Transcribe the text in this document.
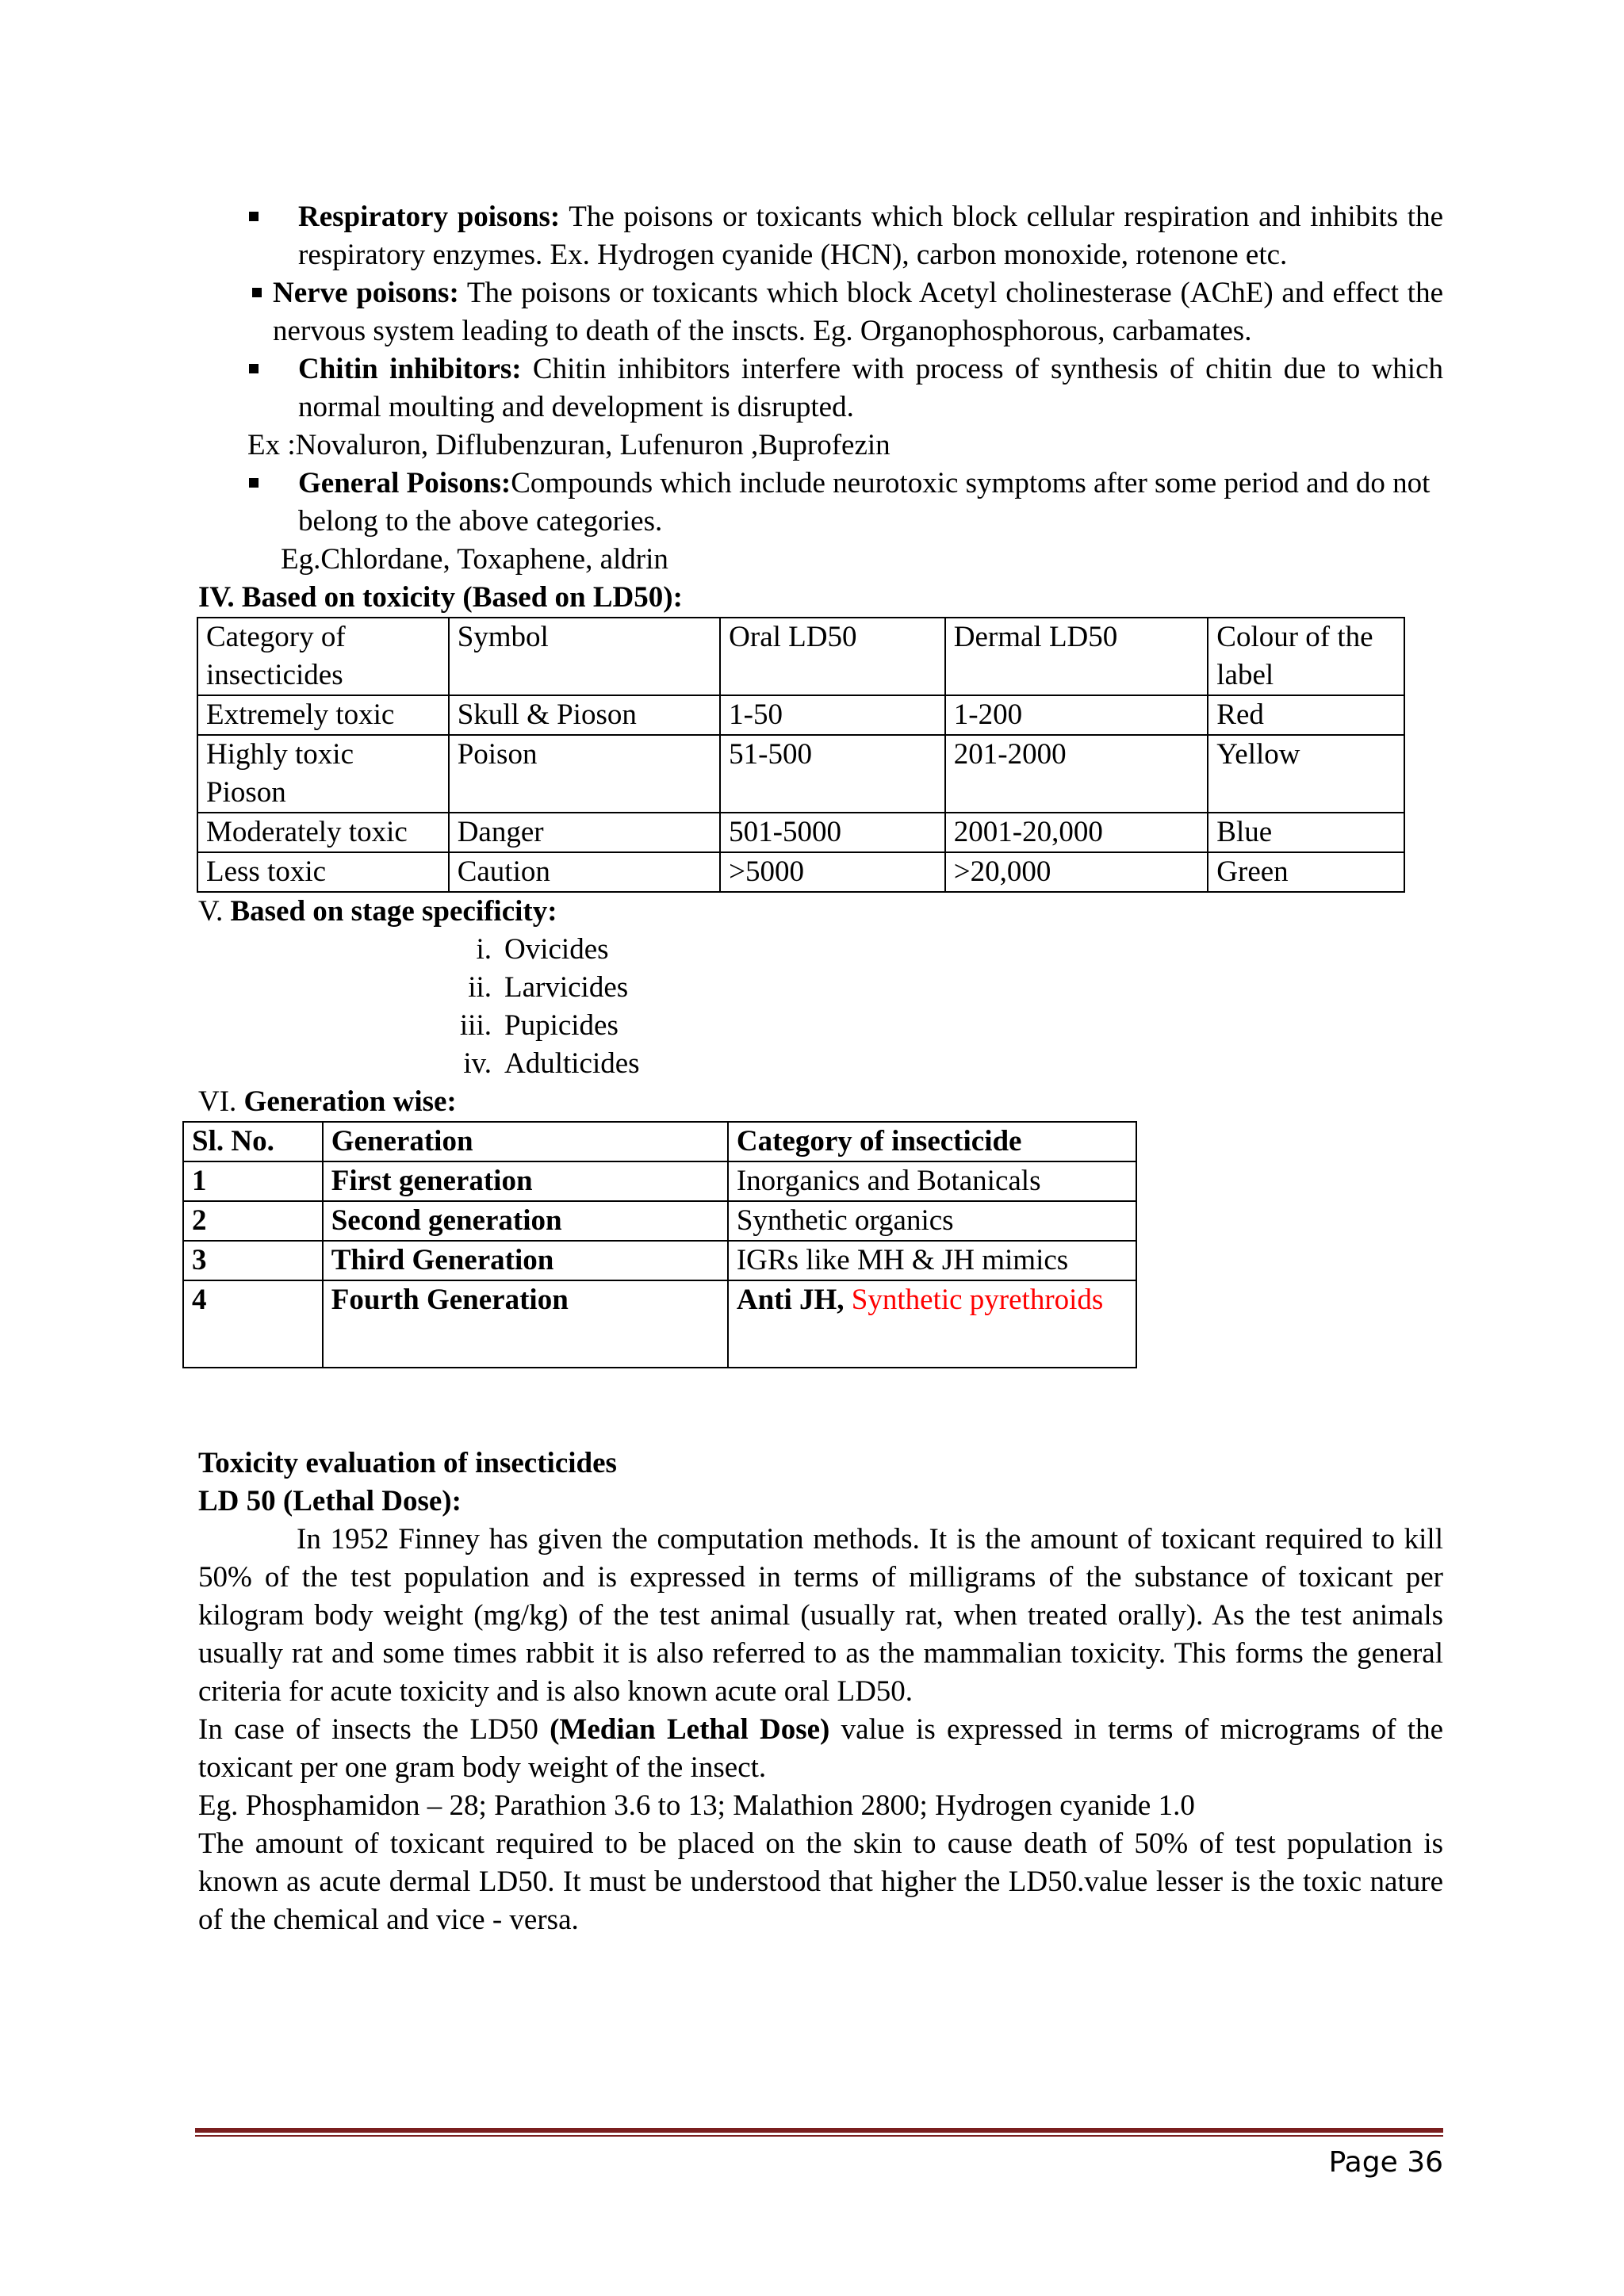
Respiratory poisons: The poisons or toxicants which block cellular respiration and inhibits the respiratory enzymes. Ex. Hydrogen cyanide (HCN), carbon monoxide, rotenone etc.
Nerve poisons: The poisons or toxicants which block Acetyl cholinesterase (AChE) and effect the nervous system leading to death of the inscts. Eg. Organophosphorous, carbamates.
Chitin inhibitors: Chitin inhibitors interfere with process of synthesis of chitin due to which normal moulting and development is disrupted.
Ex :Novaluron, Diflubenzuran, Lufenuron ,Buprofezin
General Poisons:Compounds which include neurotoxic symptoms after some period and do not belong to the above categories.
Eg.Chlordane, Toxaphene, aldrin
IV. Based on toxicity (Based on LD50):
Category of insecticides	Symbol	Oral LD50	Dermal LD50	Colour of the label
Extremely toxic	Skull & Pioson	1-50	1-200	Red
Highly toxic Pioson	Poison	51-500	201-2000	Yellow
Moderately toxic	Danger	501-5000	2001-20,000	Blue
Less toxic	Caution	>5000	>20,000	Green
V. Based on stage specificity:
i. Ovicides
ii. Larvicides
iii. Pupicides
iv. Adulticides
VI. Generation wise:
Sl. No.	Generation	Category of insecticide
1	First generation	Inorganics and Botanicals
2	Second generation	Synthetic organics
3	Third Generation	IGRs like MH & JH mimics
4	Fourth Generation	Anti JH, Synthetic pyrethroids
Toxicity evaluation of insecticides
LD 50 (Lethal Dose):
In 1952 Finney has given the computation methods. It is the amount of toxicant required to kill 50% of the test population and is expressed in terms of milligrams of the substance of toxicant per kilogram body weight (mg/kg) of the test animal (usually rat, when treated orally). As the test animals usually rat and some times rabbit it is also referred to as the mammalian toxicity. This forms the general criteria for acute toxicity and is also known acute oral LD50.
In case of insects the LD50 (Median Lethal Dose) value is expressed in terms of micrograms of the toxicant per one gram body weight of the insect.
Eg. Phosphamidon – 28; Parathion 3.6 to 13; Malathion 2800; Hydrogen cyanide 1.0
The amount of toxicant required to be placed on the skin to cause death of 50% of test population is known as acute dermal LD50. It must be understood that higher the LD50.value lesser is the toxic nature of the chemical and vice - versa.
Page 36
